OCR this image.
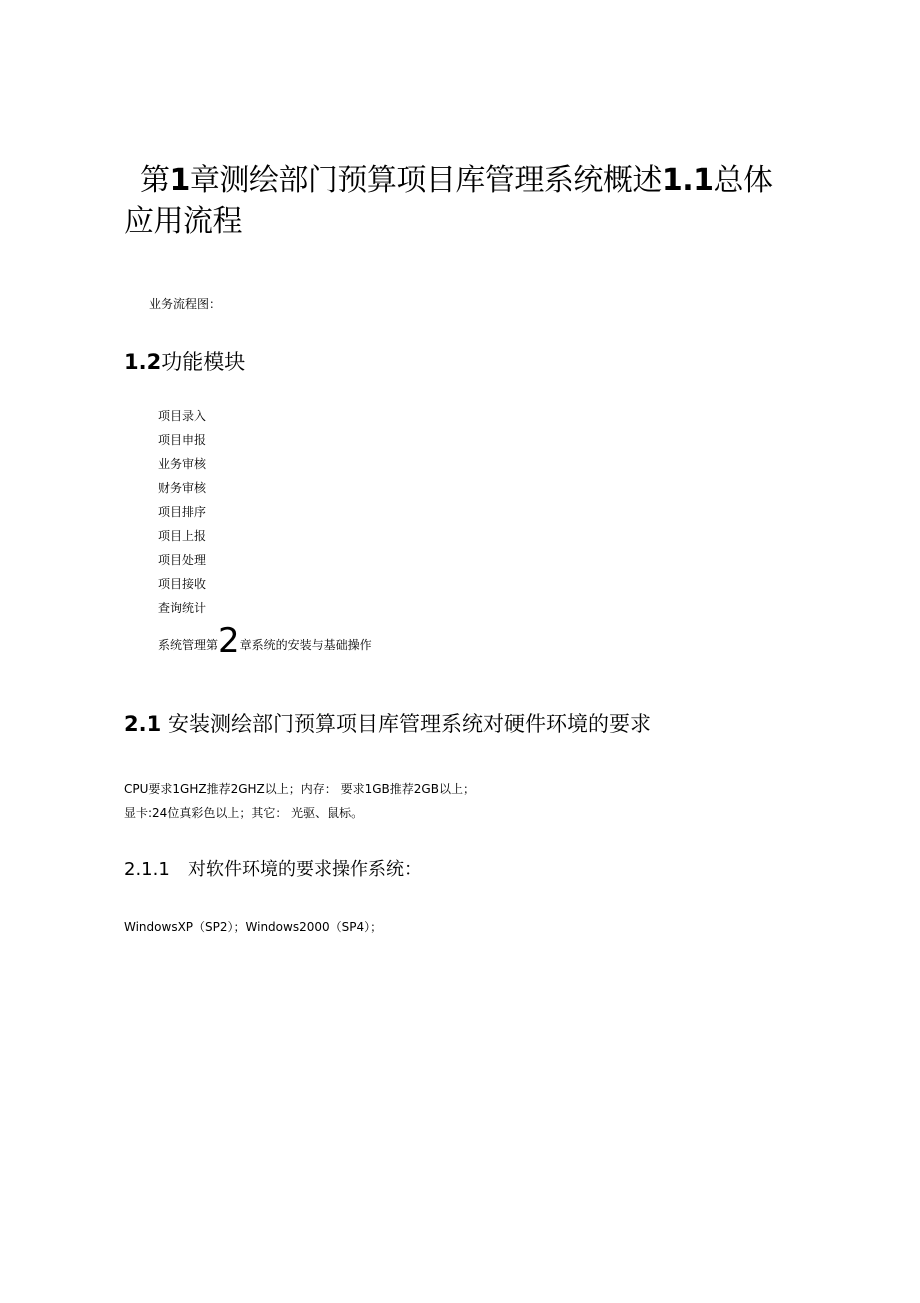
第1章测绘部门预算项目库管理系统概述1.1总体应用流程
业务流程图：
1.2功能模块
项目录入
项目申报
业务审核
财务审核
项目排序
项目上报
项目处理
项目接收
查询统计
系统管理第2章系统的安装与基础操作
2.1 安装测绘部门预算项目库管理系统对硬件环境的要求
CPU要求1GHZ推荐2GHZ以上；内存： 要求1GB推荐2GB以上；
显卡:24位真彩色以上；其它： 光驱、鼠标。
2.1.1 对软件环境的要求操作系统：
WindowsXP（SP2）；Windows2000（SP4）；
